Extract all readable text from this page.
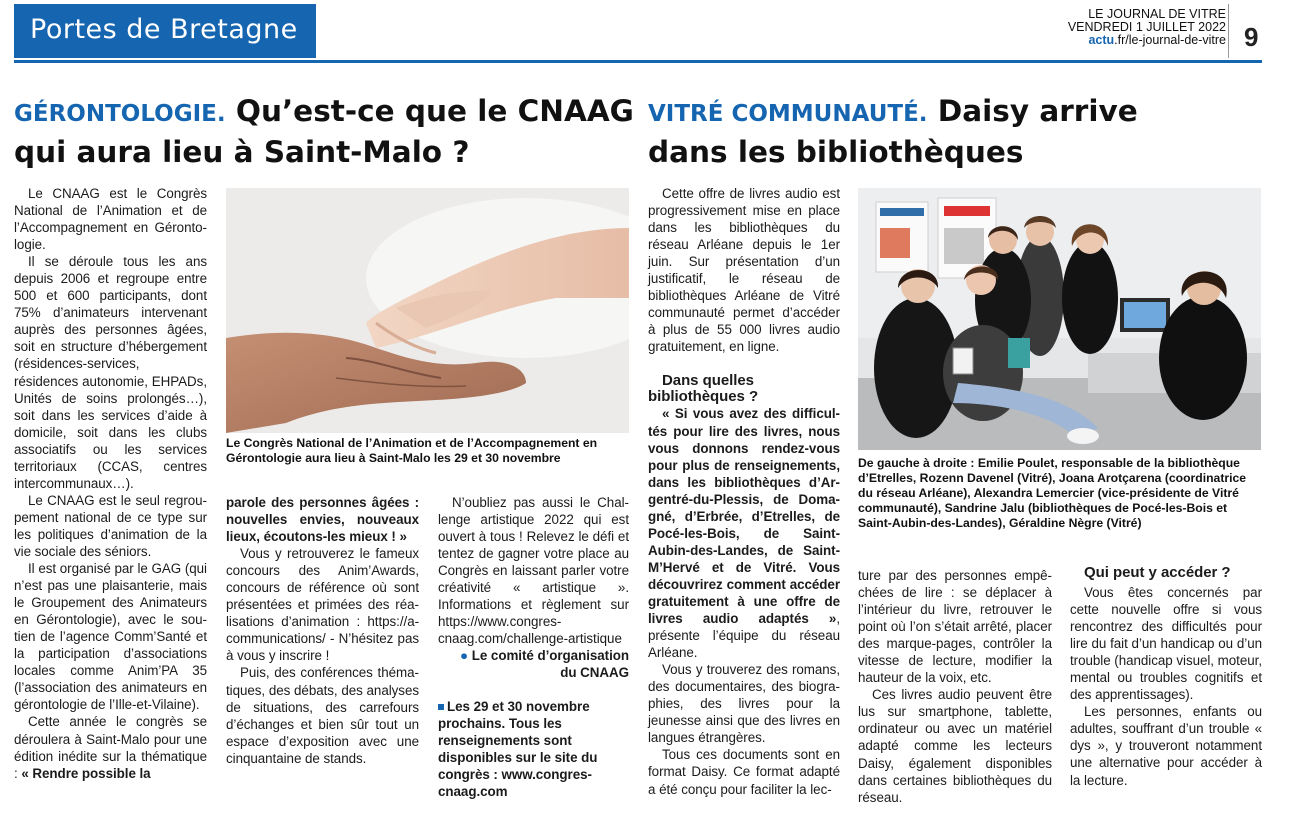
Portes de Bretagne	LE JOURNAL DE VITRE
VENDREDI 1 JUILLET 2022
actu.fr/le-journal-de-vitre 9
GÉRONTOLOGIE. Qu’est-ce que le CNAAG
qui aura lieu à Saint-Malo ?

Le CNAAG est le Congrès National de l’Animation et de l’Accompagnement en Gérontologie.

Il se déroule tous les ans depuis 2006 et regroupe entre 500 et 600 participants, dont 75% d’animateurs intervenant auprès des personnes âgées, soit en structure d’hébergement (résidences-services, résidences autonomie, EHPADs, Unités de soins prolongés…), soit dans les services d’aide à domicile, soit dans les clubs associatifs ou les services territoriaux (CCAS, centres intercommunaux…).

Le CNAAG est le seul regroupement national de ce type sur les politiques d’animation de la vie sociale des séniors.

Il est organisé par le GAG (qui n’est pas une plaisanterie, mais le Groupement des Animateurs en Gérontologie), avec le soutien de l’agence Comm’Santé et la participation d’associations locales comme Anim’PA 35 (l’association des animateurs en gérontologie de l’Ille-et-Vilaine).

Cette année le congrès se déroulera à Saint-Malo pour une édition inédite sur la thématique : « Rendre possible la

Le Congrès National de l’Animation et de l’Accompagnement en Gérontologie aura lieu à Saint-Malo les 29 et 30 novembre

parole des personnes âgées : nouvelles envies, nouveaux lieux, écoutons-les mieux ! »

Vous y retrouverez le fameux concours des Anim’Awards, concours de référence où sont présentées et primées des réalisations d’animation : https://a-communications/ - N’hésitez pas à vous y inscrire !

Puis, des conférences thématiques, des débats, des analyses de situations, des carrefours d’échanges et bien sûr tout un espace d’exposition avec une cinquantaine de stands.

N’oubliez pas aussi le Challenge artistique 2022 qui est ouvert à tous ! Relevez le défi et tentez de gagner votre place au Congrès en laissant parler votre créativité « artistique ». Informations et règlement sur https://www.congres-cnaag.com/challenge-artistique

● Le comité d’organisation

du CNAAG

Les 29 et 30 novembre prochains. Tous les renseignements sont disponibles sur le site du congrès : www.congres-cnaag.com

VITRÉ COMMUNAUTÉ. Daisy arrive
dans les bibliothèques

Cette offre de livres audio est progressivement mise en place dans les bibliothèques du réseau Arléane depuis le 1er juin. Sur présentation d’un justificatif, le réseau de bibliothèques Arléane de Vitré communauté permet d’accéder à plus de 55 000 livres audio gratuitement, en ligne.

Dans quelles
bibliothèques ?

« Si vous avez des difficultés pour lire des livres, nous vous donnons rendez-vous pour plus de renseignements, dans les bibliothèques d’Argentré-du-Plessis, de Domagné, d’Erbrée, d’Etrelles, de Pocé-les-Bois, de Saint-Aubin-des-Landes, de Saint-M’Hervé et de Vitré. Vous découvrirez comment accéder gratuitement à une offre de livres audio adaptés », présente l’équipe du réseau Arléane.

Vous y trouverez des romans, des documentaires, des biographies, des livres pour la jeunesse ainsi que des livres en langues étrangères.

Tous ces documents sont en format Daisy. Ce format adapté a été conçu pour faciliter la lec-

De gauche à droite : Emilie Poulet, responsable de la bibliothèque d’Etrelles, Rozenn Davenel (Vitré), Joana Arotçarena (coordinatrice du réseau Arléane), Alexandra Lemercier (vice-présidente de Vitré communauté), Sandrine Jalu (bibliothèques de Pocé-les-Bois et Saint-Aubin-des-Landes), Géraldine Nègre (Vitré)

ture par des personnes empêchées de lire : se déplacer à l’intérieur du livre, retrouver le point où l’on s’était arrêté, placer des marque-pages, contrôler la vitesse de lecture, modifier la hauteur de la voix, etc.

Ces livres audio peuvent être lus sur smartphone, tablette, ordinateur ou avec un matériel adapté comme les lecteurs Daisy, également disponibles dans certaines bibliothèques du réseau.

Qui peut y accéder ?

Vous êtes concernés par cette nouvelle offre si vous rencontrez des difficultés pour lire du fait d’un handicap ou d’un trouble (handicap visuel, moteur, mental ou troubles cognitifs et des apprentissages).

Les personnes, enfants ou adultes, souffrant d’un trouble « dys », y trouveront notamment une alternative pour accéder à la lecture.
